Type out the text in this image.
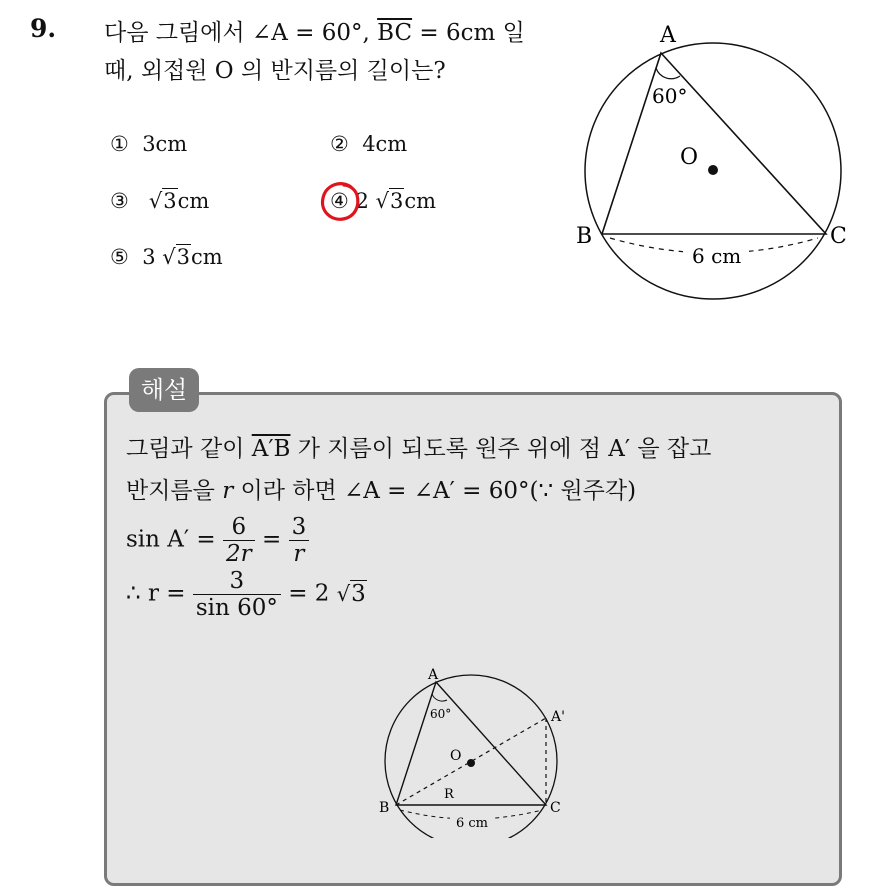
9. 다음 그림에서 ∠A = 60°, $\overline{BC} = 6cm$ 일
때, 외접원 O 의 반지름의 길이는?
① 3cm	② 4cm
③ √3cm	④ 2 √3cm
⑤ 3 √3cm
A
B	C
O
60°
6 cm
해설
그림과 같이 A′B 가 지름이 되도록 원주 위에 점 A′ 을 잡고
반지름을 r 이라 하면 ∠A = ∠A′ = 60°(∵ 원주각)
$\sin A' = \frac{6}{2r} = \frac{3}{r}$
∴ $r = \frac{3}{\sin 60^\circ} = 2$ √3
A
A'
B	C
O
R
60°
6 cm
